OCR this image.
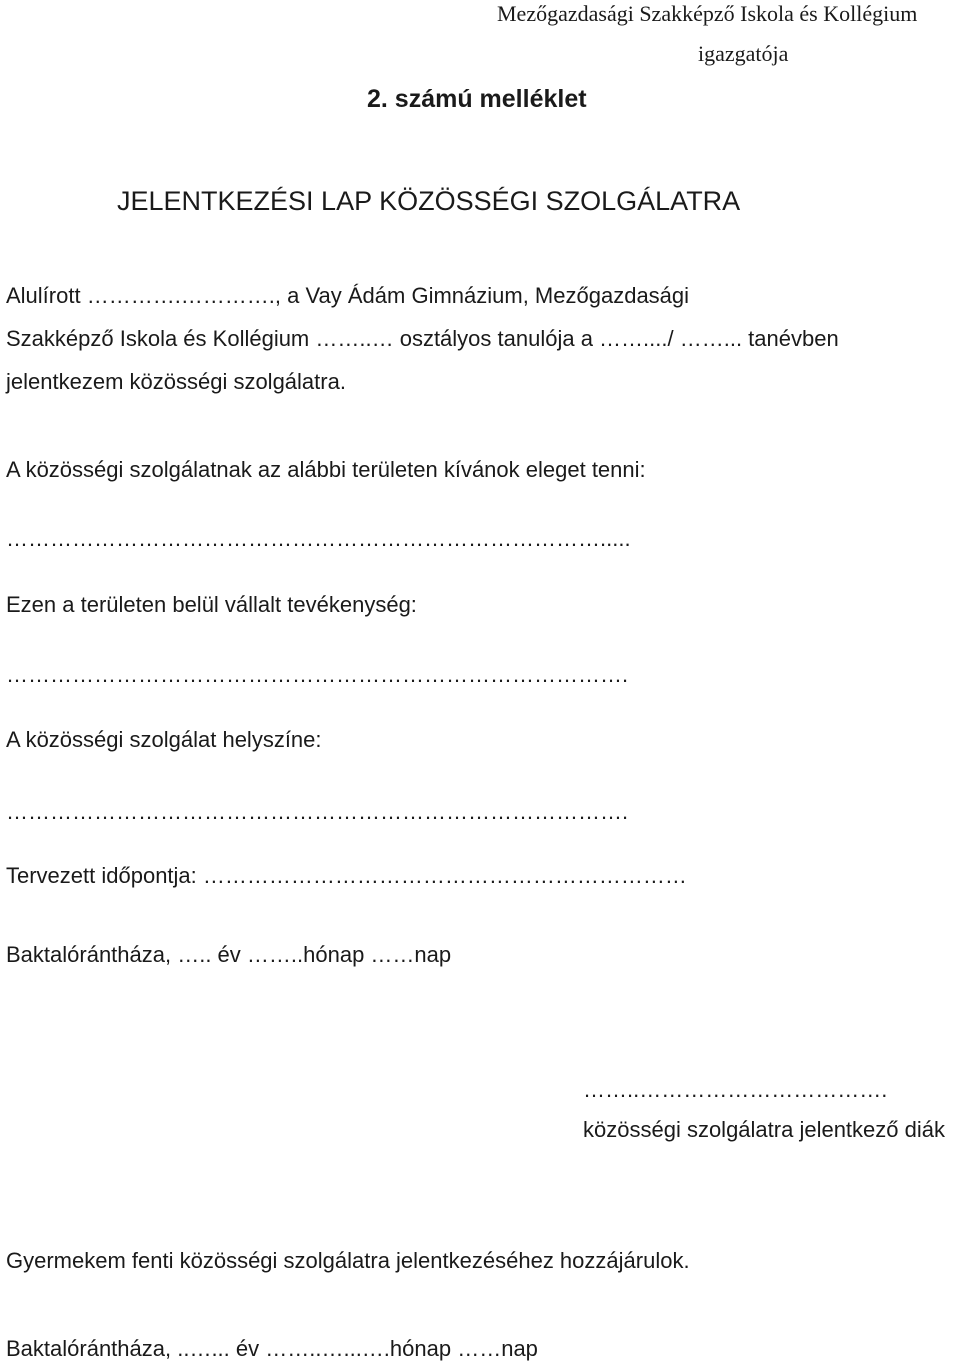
Mezőgazdasági Szakképző Iskola és Kollégium
igazgatója
2. számú melléklet
JELENTKEZÉSI LAP KÖZÖSSÉGI SZOLGÁLATRA
Alulírott ………….…………., a Vay Ádám Gimnázium, Mezőgazdasági
Szakképző Iskola és Kollégium ……..… osztályos tanulója a ……..../ ……... tanévben
jelentkezem közösségi szolgálatra.
A közösségi szolgálatnak az alábbi területen kívánok eleget tenni:
……………………………………………………………………….....
Ezen a területen belül vállalt tevékenység:
………………………………………………………………………….
A közösségi szolgálat helyszíne:
………………………………………………………………………….
Tervezett időpontja: …………………………………………………………
Baktalórántháza, ….. év ……..hónap ……nap
……..…………………………….
közösségi szolgálatra jelentkező diák
Gyermekem fenti közösségi szolgálatra jelentkezéséhez hozzájárulok.
Baktalórántháza, ..…... év ……..…...….hónap ……nap
